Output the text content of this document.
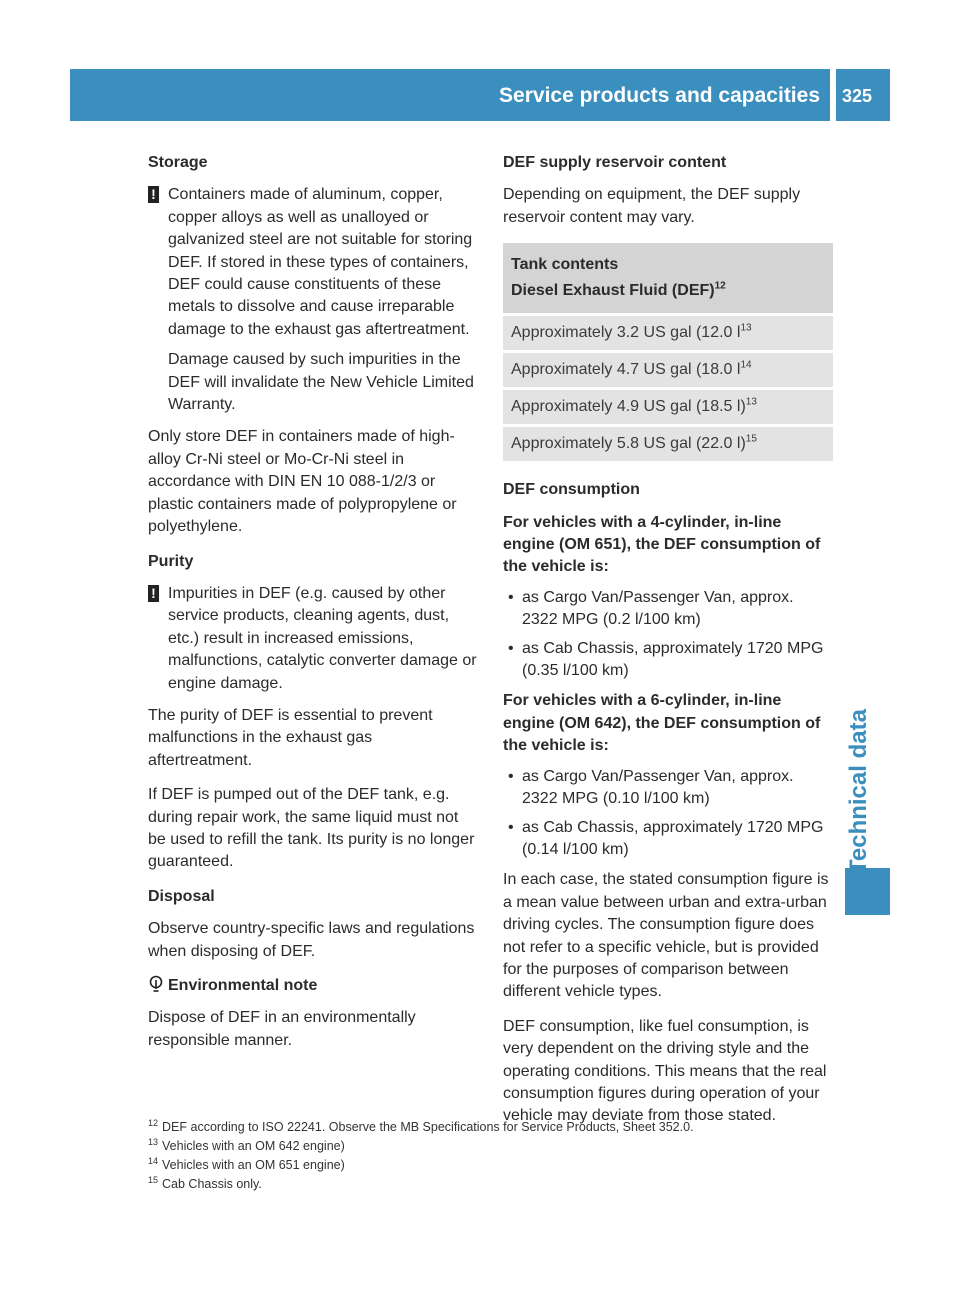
Service products and capacities	325
Technical data
Storage
! Containers made of aluminum, copper, copper alloys as well as unalloyed or galvanized steel are not suitable for storing DEF. If stored in these types of containers, DEF could cause constituents of these metals to dissolve and cause irreparable damage to the exhaust gas aftertreatment.

Damage caused by such impurities in the DEF will invalidate the New Vehicle Limited Warranty.

Only store DEF in containers made of high-alloy Cr-Ni steel or Mo-Cr-Ni steel in accordance with DIN EN 10 088-1/2/3 or plastic containers made of polypropylene or polyethylene.

Purity
! Impurities in DEF (e.g. caused by other service products, cleaning agents, dust, etc.) result in increased emissions, malfunctions, catalytic converter damage or engine damage.

The purity of DEF is essential to prevent malfunctions in the exhaust gas aftertreatment.

If DEF is pumped out of the DEF tank, e.g. during repair work, the same liquid must not be used to refill the tank. Its purity is no longer guaranteed.

Disposal

Observe country-specific laws and regulations when disposing of DEF.

Environmental note

Dispose of DEF in an environmentally responsible manner.

DEF supply reservoir content

Depending on equipment, the DEF supply reservoir content may vary.

Tank contents
Diesel Exhaust Fluid (DEF)$^{12}$

Approximately 3.2 US gal (12.0 $l^{13}$
Approximately 4.7 US gal (18.0 $l^{14}$
Approximately 4.9 US gal (18.5 l)$^{13}$
Approximately 5.8 US gal (22.0 l)$^{15}$
DEF consumption
For vehicles with a 4-cylinder, in-line engine (OM 651), the DEF consumption of the vehicle is:
• as Cargo Van/Passenger Van, approx. 2322 MPG (0.2 l/100 km)
• as Cab Chassis, approximately 1720 MPG (0.35 l/100 km)
For vehicles with a 6-cylinder, in-line engine (OM 642), the DEF consumption of the vehicle is:
• as Cargo Van/Passenger Van, approx. 2322 MPG (0.10 l/100 km)
• as Cab Chassis, approximately 1720 MPG (0.14 l/100 km)

In each case, the stated consumption figure is a mean value between urban and extra-urban driving cycles. The consumption figure does not refer to a specific vehicle, but is provided for the purposes of comparison between different vehicle types.

DEF consumption, like fuel consumption, is very dependent on the driving style and the operating conditions. This means that the real consumption figures during operation of your vehicle may deviate from those stated.

$^{12}$ DEF according to ISO 22241. Observe the MB Specifications for Service Products, Sheet 352.0.
$^{13}$ Vehicles with an OM 642 engine)
$^{14}$ Vehicles with an OM 651 engine)
$^{15}$ Cab Chassis only.
